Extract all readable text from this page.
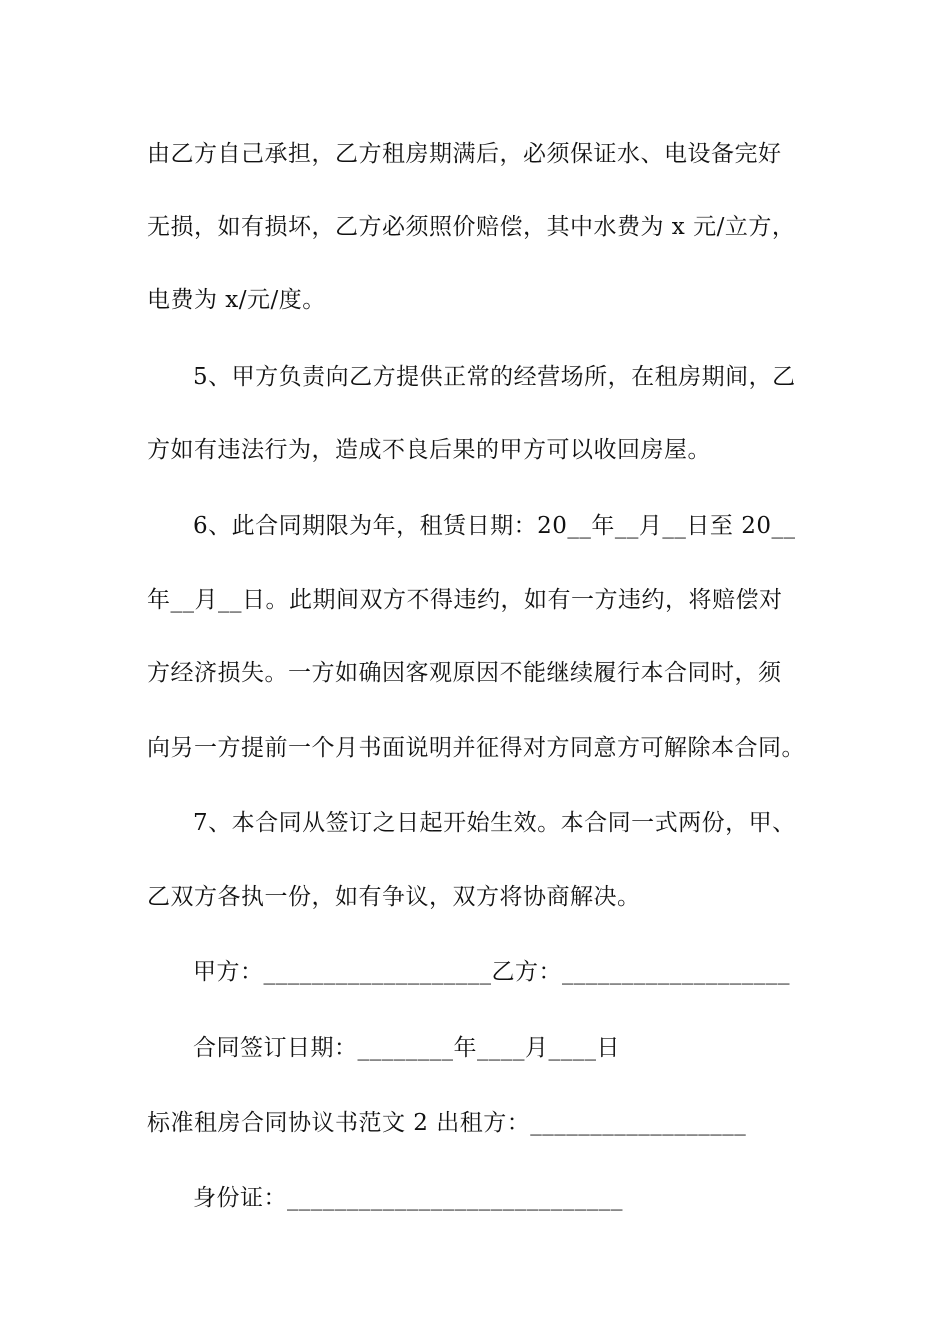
由乙方自己承担，乙方租房期满后，必须保证水、电设备完好
无损，如有损坏，乙方必须照价赔偿，其中水费为 x 元/立方，
电费为 x/元/度。
5、甲方负责向乙方提供正常的经营场所，在租房期间，乙
方如有违法行为，造成不良后果的甲方可以收回房屋。
6、此合同期限为年，租赁日期：20__年__月__日至 20__
年__月__日。此期间双方不得违约，如有一方违约，将赔偿对
方经济损失。一方如确因客观原因不能继续履行本合同时，须
向另一方提前一个月书面说明并征得对方同意方可解除本合同。
7、本合同从签订之日起开始生效。本合同一式两份，甲、
乙双方各执一份，如有争议，双方将协商解决。
甲方：___________________乙方：___________________
合同签订日期：________年____月____日
标准租房合同协议书范文 2 出租方：__________________
身份证：____________________________
